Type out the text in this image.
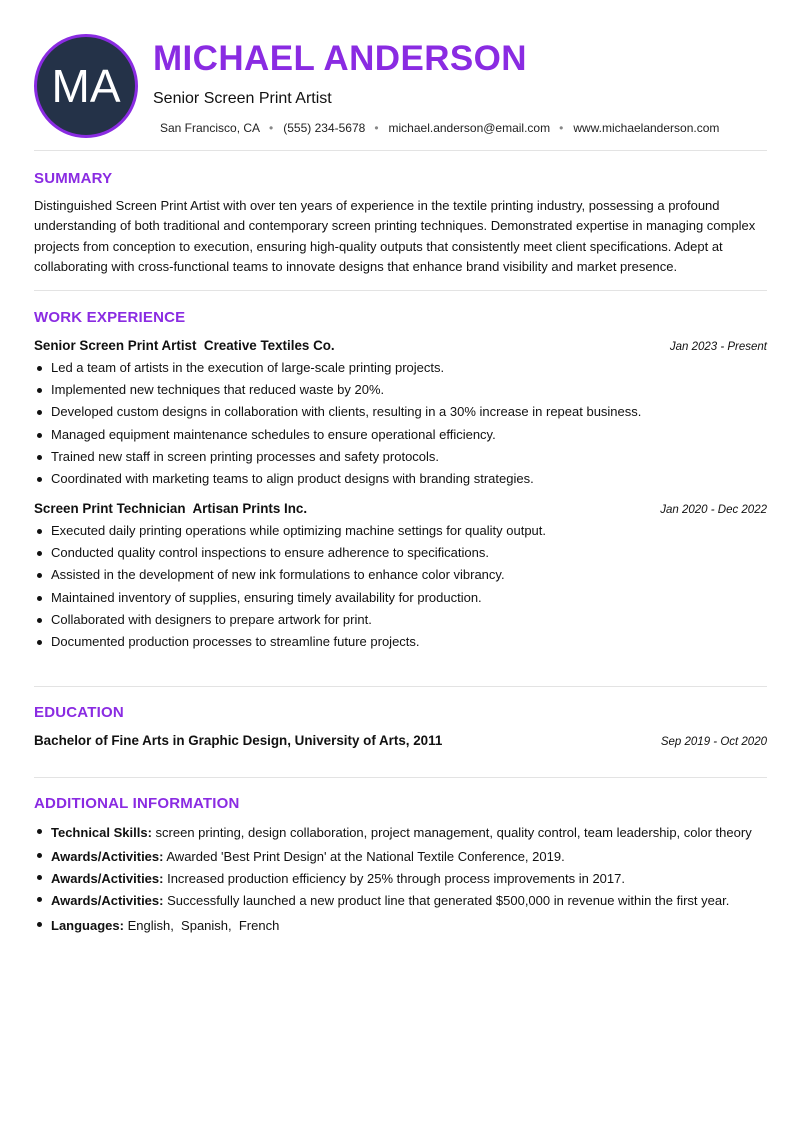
MA
MICHAEL ANDERSON
Senior Screen Print Artist
San Francisco, CA • (555) 234-5678 • michael.anderson@email.com • www.michaelanderson.com
SUMMARY
Distinguished Screen Print Artist with over ten years of experience in the textile printing industry, possessing a profound understanding of both traditional and contemporary screen printing techniques. Demonstrated expertise in managing complex projects from conception to execution, ensuring high-quality outputs that consistently meet client specifications. Adept at collaborating with cross-functional teams to innovate designs that enhance brand visibility and market presence.
WORK EXPERIENCE
Senior Screen Print Artist  Creative Textiles Co.	Jan 2023 - Present
Led a team of artists in the execution of large-scale printing projects.
Implemented new techniques that reduced waste by 20%.
Developed custom designs in collaboration with clients, resulting in a 30% increase in repeat business.
Managed equipment maintenance schedules to ensure operational efficiency.
Trained new staff in screen printing processes and safety protocols.
Coordinated with marketing teams to align product designs with branding strategies.
Screen Print Technician  Artisan Prints Inc.	Jan 2020 - Dec 2022
Executed daily printing operations while optimizing machine settings for quality output.
Conducted quality control inspections to ensure adherence to specifications.
Assisted in the development of new ink formulations to enhance color vibrancy.
Maintained inventory of supplies, ensuring timely availability for production.
Collaborated with designers to prepare artwork for print.
Documented production processes to streamline future projects.
EDUCATION
Bachelor of Fine Arts in Graphic Design, University of Arts, 2011	Sep 2019 - Oct 2020
ADDITIONAL INFORMATION
Technical Skills: screen printing, design collaboration, project management, quality control, team leadership, color theory
Awards/Activities: Awarded 'Best Print Design' at the National Textile Conference, 2019.
Awards/Activities: Increased production efficiency by 25% through process improvements in 2017.
Awards/Activities: Successfully launched a new product line that generated $500,000 in revenue within the first year.
Languages: English,  Spanish,  French
